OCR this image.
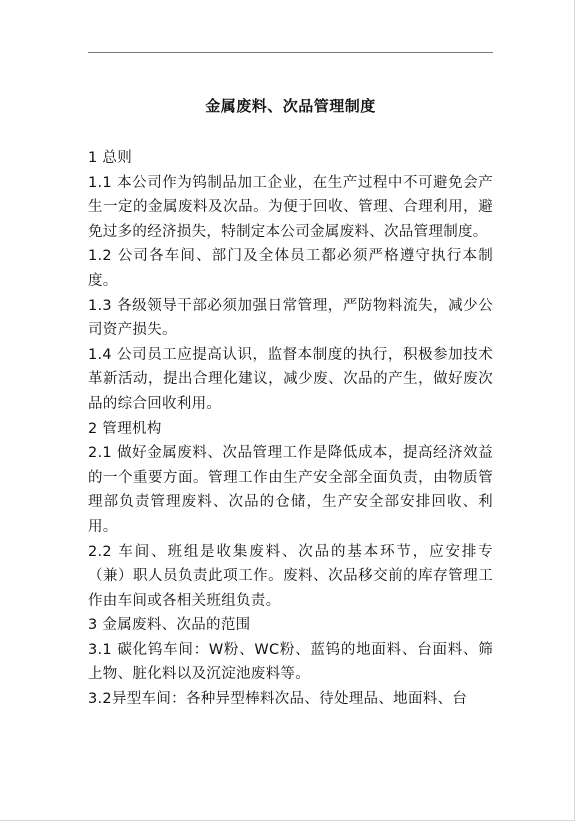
金属废料、次品管理制度

1 总则

1.1 本公司作为钨制品加工企业，在生产过程中不可避免会产生一定的金属废料及次品。为便于回收、管理、合理利用，避免过多的经济损失，特制定本公司金属废料、次品管理制度。

1.2 公司各车间、部门及全体员工都必须严格遵守执行本制度。

1.3 各级领导干部必须加强日常管理，严防物料流失，减少公司资产损失。

1.4 公司员工应提高认识，监督本制度的执行，积极参加技术革新活动，提出合理化建议，减少废、次品的产生，做好废次品的综合回收利用。

2 管理机构

2.1 做好金属废料、次品管理工作是降低成本，提高经济效益的一个重要方面。管理工作由生产安全部全面负责，由物质管理部负责管理废料、次品的仓储，生产安全部安排回收、利用。

2.2 车间、班组是收集废料、次品的基本环节，应安排专（兼）职人员负责此项工作。废料、次品移交前的库存管理工作由车间或各相关班组负责。

3 金属废料、次品的范围

3.1 碳化钨车间：W粉、WC粉、蓝钨的地面料、台面料、筛上物、脏化料以及沉淀池废料等。

3.2异型车间：各种异型棒料次品、待处理品、地面料、台
